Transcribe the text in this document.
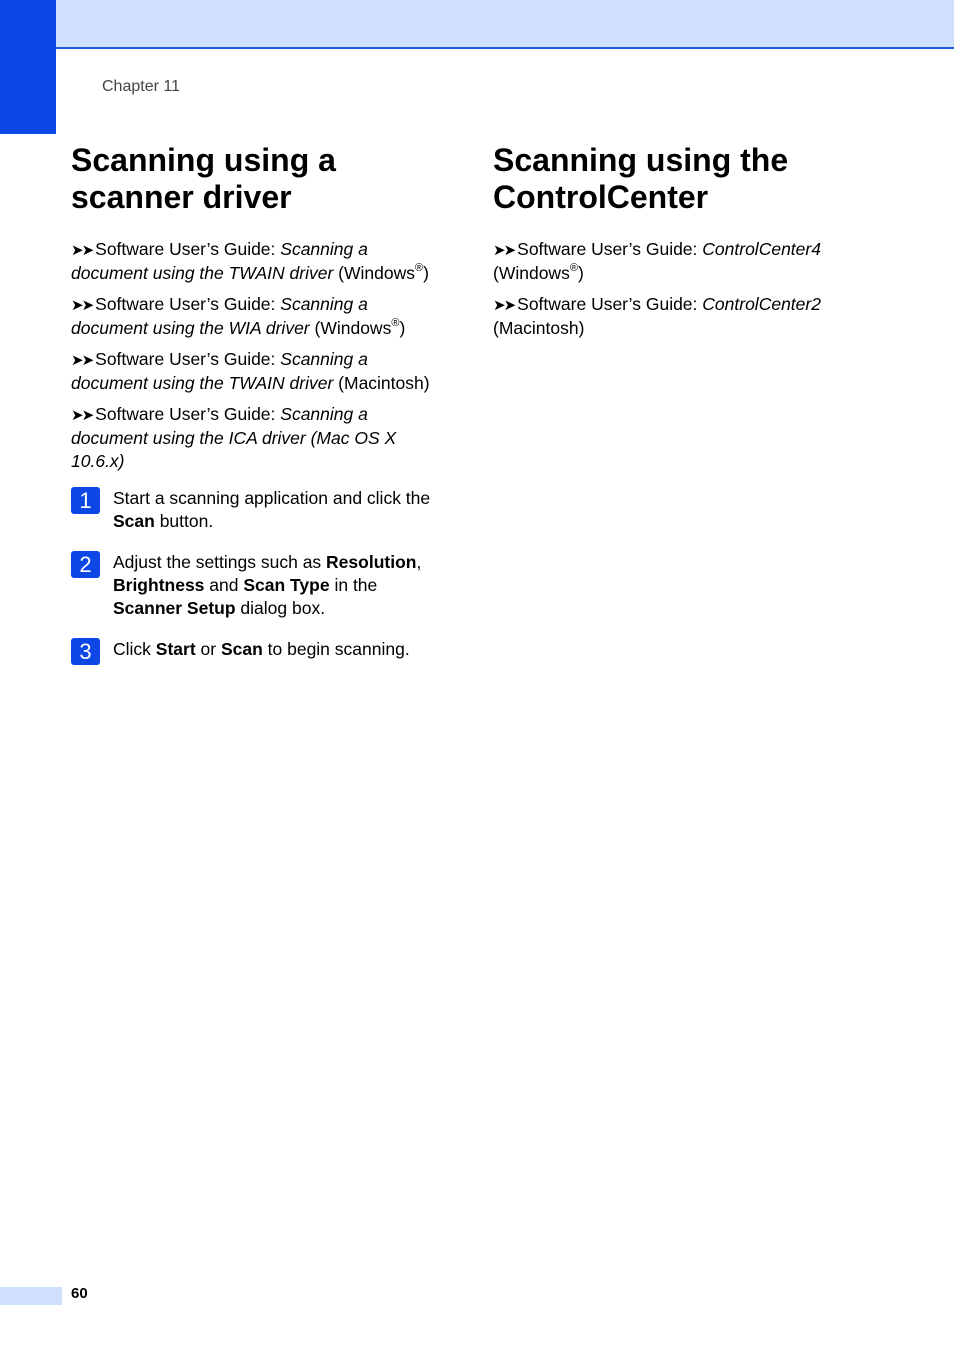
Chapter 11
Scanning using a
scanner driver

➤➤ Software User’s Guide: Scanning a document using the TWAIN driver (Windows®)

➤➤ Software User’s Guide: Scanning a document using the WIA driver (Windows®)

➤➤ Software User’s Guide: Scanning a document using the TWAIN driver (Macintosh)

➤➤ Software User’s Guide: Scanning a document using the ICA driver (Mac OS X 10.6.x)

1	Start a scanning application and click the Scan button.
2	Adjust the settings such as Resolution, Brightness and Scan Type in the Scanner Setup dialog box.
3	Click Start or Scan to begin scanning.
Scanning using the
ControlCenter

➤➤ Software User’s Guide: ControlCenter4 (Windows®)

➤➤ Software User’s Guide: ControlCenter2 (Macintosh)

60
